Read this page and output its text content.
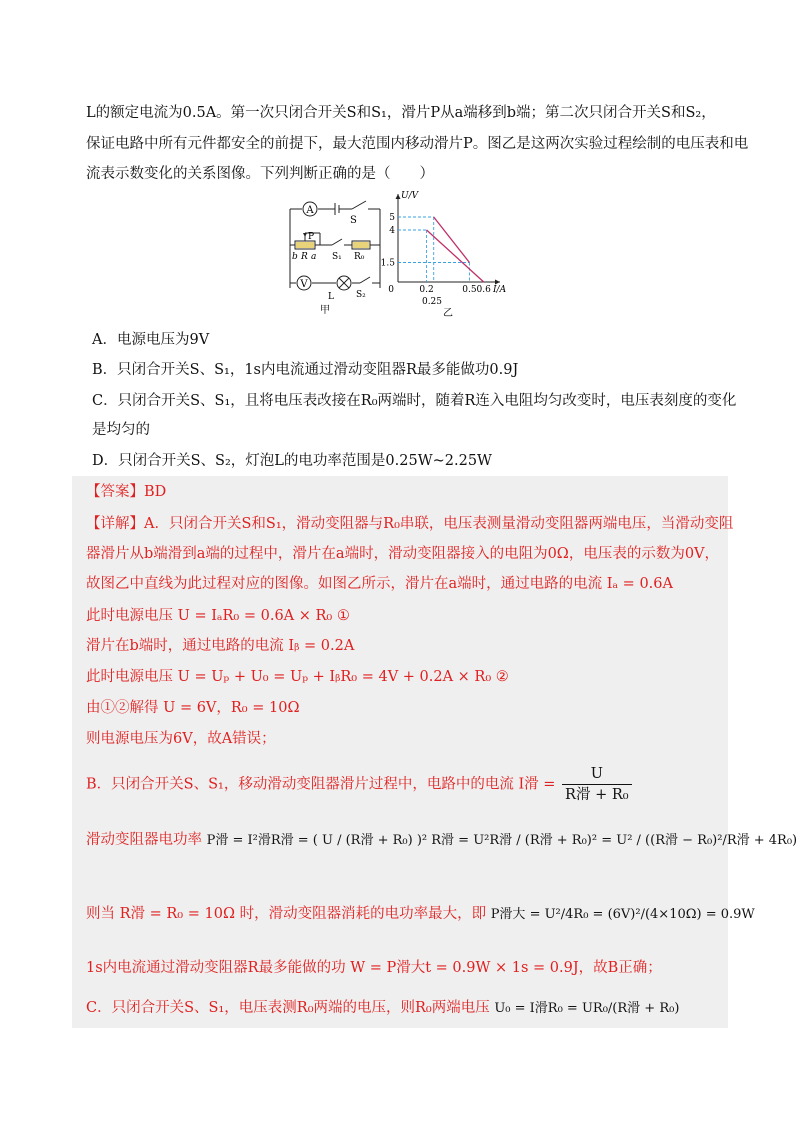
L的额定电流为0.5A。第一次只闭合开关S和S₁，滑片P从a端移到b端；第二次只闭合开关S和S₂，
保证电路中所有元件都安全的前提下，最大范围内移动滑片P。图乙是这两次实验过程绘制的电压表和电
流表示数变化的关系图像。下列判断正确的是（　　）
A
S
P
b R a S₁ R₀
V
L S₂
甲
U/V
I/A
0
5
4
1.5
0.2	0.5 0.6
0.25
乙
A．电源电压为9V
B．只闭合开关S、S₁，1s内电流通过滑动变阻器R最多能做功0.9J
C．只闭合开关S、S₁，且将电压表改接在R₀两端时，随着R连入电阻均匀改变时，电压表刻度的变化
是均匀的
D．只闭合开关S、S₂，灯泡L的电功率范围是0.25W~2.25W
【答案】BD
【详解】A．只闭合开关S和S₁，滑动变阻器与R₀串联，电压表测量滑动变阻器两端电压，当滑动变阻
器滑片从b端滑到a端的过程中，滑片在a端时，滑动变阻器接入的电阻为0Ω，电压表的示数为0V，
故图乙中直线为此过程对应的图像。如图乙所示，滑片在a端时，通过电路的电流 Iₐ = 0.6A
此时电源电压 U = IₐR₀ = 0.6A × R₀ ①
滑片在b端时，通过电路的电流 Iᵦ = 0.2A
此时电源电压 U = Uₚ + U₀ = Uₚ + IᵦR₀ = 4V + 0.2A × R₀ ②
由①②解得 U = 6V，R₀ = 10Ω
则电源电压为6V，故A错误；
B．只闭合开关S、S₁，移动滑动变阻器滑片过程中，电路中的电流 I滑 = $\frac{U}{\text{R滑 + R₀}}$
滑动变阻器电功率 P滑 = I²滑R滑 = ( U / (R滑 + R₀) )² R滑 = U²R滑 / (R滑 + R₀)² = U² / ((R滑 − R₀)²/R滑 + 4R₀)
则当 R滑 = R₀ = 10Ω 时，滑动变阻器消耗的电功率最大，即 P滑大 = U²/4R₀ = (6V)²/(4×10Ω) = 0.9W
1s内电流通过滑动变阻器R最多能做的功 W = P滑大t = 0.9W × 1s = 0.9J，故B正确；
C．只闭合开关S、S₁，电压表测R₀两端的电压，则R₀两端电压 U₀ = I滑R₀ = UR₀/(R滑 + R₀)
